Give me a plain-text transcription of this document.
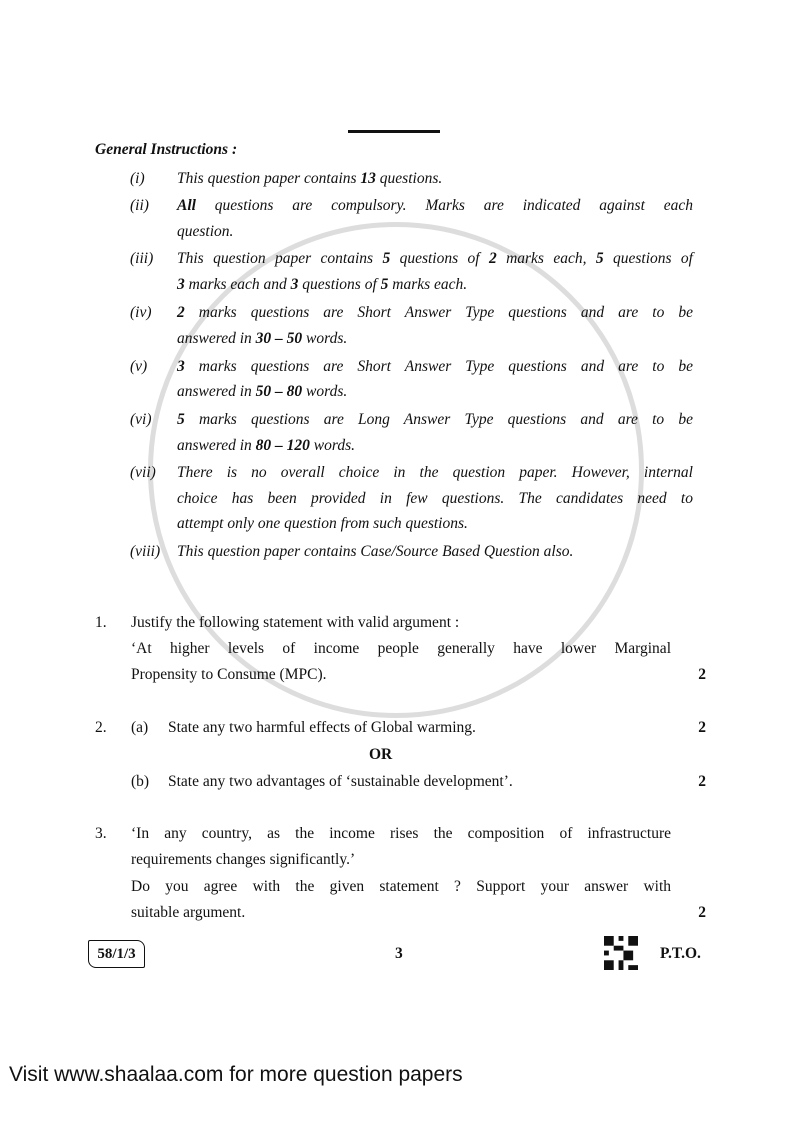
General Instructions :
(i) This question paper contains 13 questions.
(ii) All questions are compulsory. Marks are indicated against each
question.
(iii) This question paper contains 5 questions of 2 marks each, 5 questions of
3 marks each and 3 questions of 5 marks each.
(iv) 2 marks questions are Short Answer Type questions and are to be
answered in 30 – 50 words.
(v) 3 marks questions are Short Answer Type questions and are to be
answered in 50 – 80 words.
(vi) 5 marks questions are Long Answer Type questions and are to be
answered in 80 – 120 words.
(vii) There is no overall choice in the question paper. However, internal
choice has been provided in few questions. The candidates need to
attempt only one question from such questions.
(viii) This question paper contains Case/Source Based Question also.
1. Justify the following statement with valid argument :
‘At higher levels of income people generally have lower Marginal
Propensity to Consume (MPC).	2
2. (a) State any two harmful effects of Global warming.	2
OR
(b) State any two advantages of ‘sustainable development’.	2
3. ‘In any country, as the income rises the composition of infrastructure
requirements changes significantly.’
Do you agree with the given statement ? Support your answer with
suitable argument.	2
58/1/3	3	P.T.O.
Visit www.shaalaa.com for more question papers
